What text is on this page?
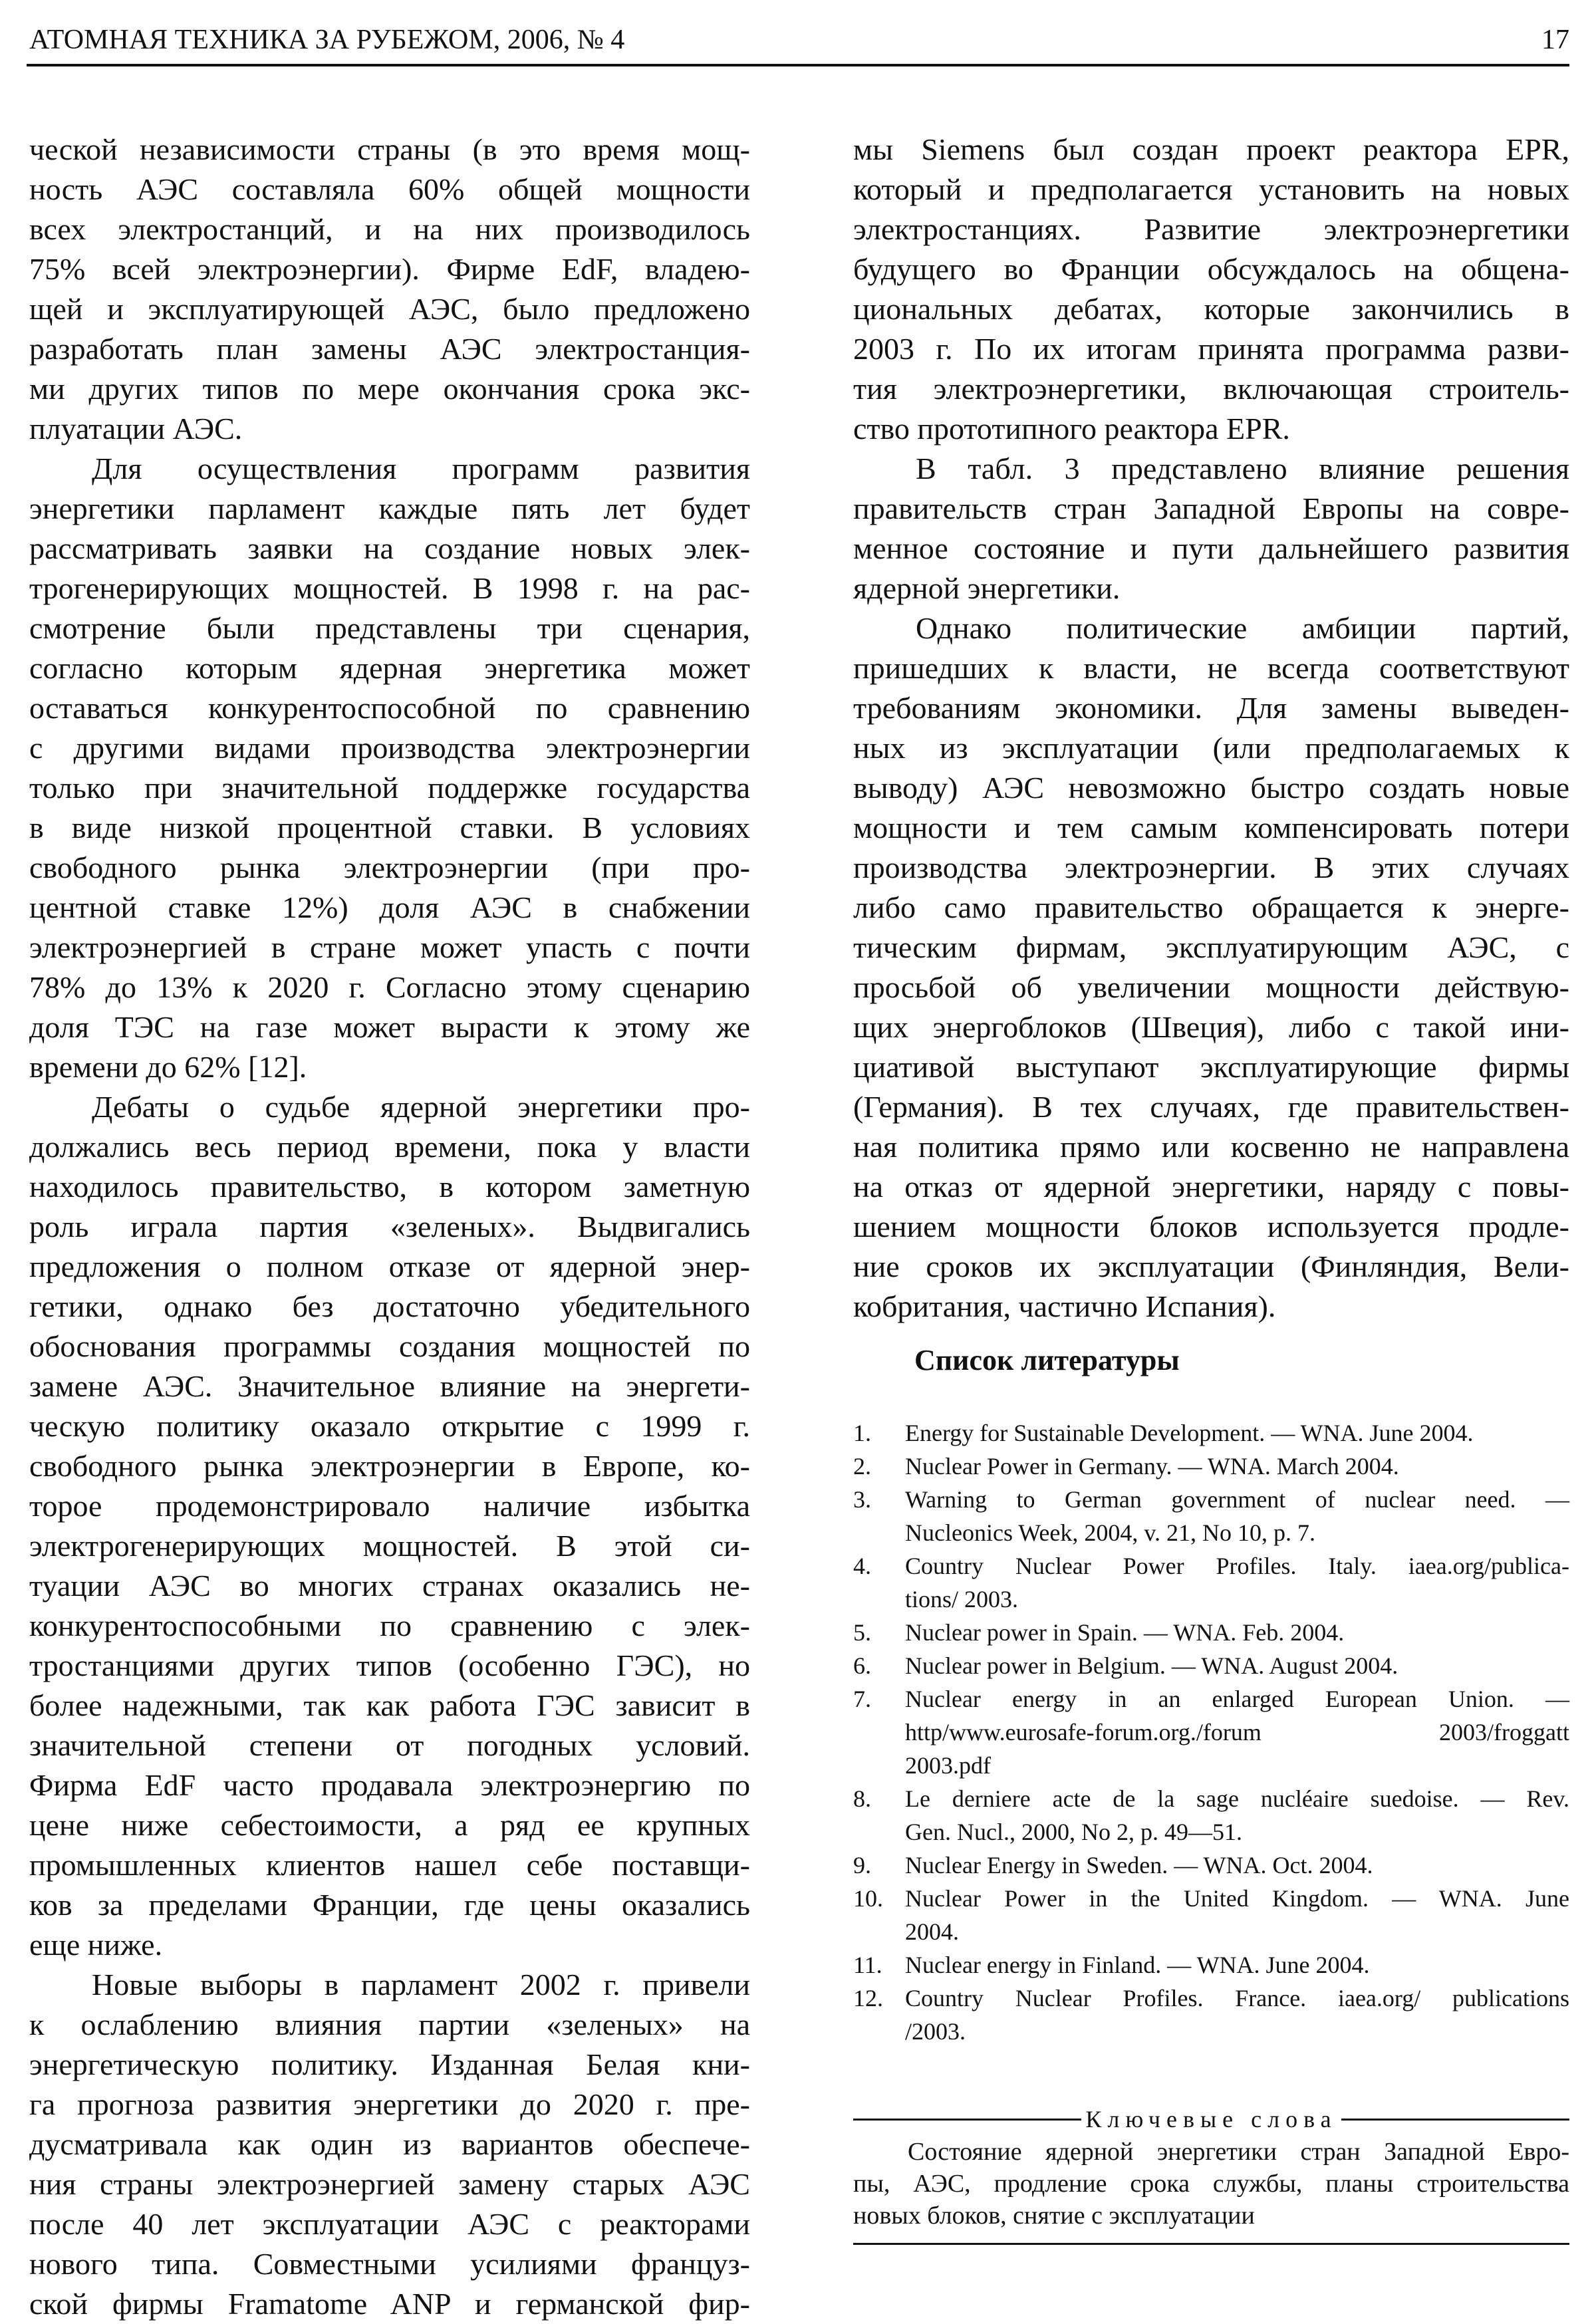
АТОМНАЯ ТЕХНИКА ЗА РУБЕЖОМ, 2006, № 4	17
ческой независимости страны (в это время мощ-
ность АЭС составляла 60% общей мощности
всех электростанций, и на них производилось
75% всей электроэнергии). Фирме EdF, владею-
щей и эксплуатирующей АЭС, было предложено
разработать план замены АЭС электростанция-
ми других типов по мере окончания срока экс-
плуатации АЭС.
Для осуществления программ развития
энергетики парламент каждые пять лет будет
рассматривать заявки на создание новых элек-
трогенерирующих мощностей. В 1998 г. на рас-
смотрение были представлены три сценария,
согласно которым ядерная энергетика может
оставаться конкурентоспособной по сравнению
с другими видами производства электроэнергии
только при значительной поддержке государства
в виде низкой процентной ставки. В условиях
свободного рынка электроэнергии (при про-
центной ставке 12%) доля АЭС в снабжении
электроэнергией в стране может упасть с почти
78% до 13% к 2020 г. Согласно этому сценарию
доля ТЭС на газе может вырасти к этому же
времени до 62% [12].
Дебаты о судьбе ядерной энергетики про-
должались весь период времени, пока у власти
находилось правительство, в котором заметную
роль играла партия «зеленых». Выдвигались
предложения о полном отказе от ядерной энер-
гетики, однако без достаточно убедительного
обоснования программы создания мощностей по
замене АЭС. Значительное влияние на энергети-
ческую политику оказало открытие с 1999 г.
свободного рынка электроэнергии в Европе, ко-
торое продемонстрировало наличие избытка
электрогенерирующих мощностей. В этой си-
туации АЭС во многих странах оказались не-
конкурентоспособными по сравнению с элек-
тростанциями других типов (особенно ГЭС), но
более надежными, так как работа ГЭС зависит в
значительной степени от погодных условий.
Фирма EdF часто продавала электроэнергию по
цене ниже себестоимости, а ряд ее крупных
промышленных клиентов нашел себе поставщи-
ков за пределами Франции, где цены оказались
еще ниже.
Новые выборы в парламент 2002 г. привели
к ослаблению влияния партии «зеленых» на
энергетическую политику. Изданная Белая кни-
га прогноза развития энергетики до 2020 г. пре-
дусматривала как один из вариантов обеспече-
ния страны электроэнергией замену старых АЭС
после 40 лет эксплуатации АЭС с реакторами
нового типа. Совместными усилиями француз-
ской фирмы Framatome ANP и германской фир-
мы Siemens был создан проект реактора EPR,
который и предполагается установить на новых
электростанциях. Развитие электроэнергетики
будущего во Франции обсуждалось на общена-
циональных дебатах, которые закончились в
2003 г. По их итогам принята программа разви-
тия электроэнергетики, включающая строитель-
ство прототипного реактора EPR.
В табл. 3 представлено влияние решения
правительств стран Западной Европы на совре-
менное состояние и пути дальнейшего развития
ядерной энергетики.
Однако политические амбиции партий,
пришедших к власти, не всегда соответствуют
требованиям экономики. Для замены выведен-
ных из эксплуатации (или предполагаемых к
выводу) АЭС невозможно быстро создать новые
мощности и тем самым компенсировать потери
производства электроэнергии. В этих случаях
либо само правительство обращается к энерге-
тическим фирмам, эксплуатирующим АЭС, с
просьбой об увеличении мощности действую-
щих энергоблоков (Швеция), либо с такой ини-
циативой выступают эксплуатирующие фирмы
(Германия). В тех случаях, где правительствен-
ная политика прямо или косвенно не направлена
на отказ от ядерной энергетики, наряду с повы-
шением мощности блоков используется продле-
ние сроков их эксплуатации (Финляндия, Вели-
кобритания, частично Испания).
Список литературы
1.	Energy for Sustainable Development. — WNA. June 2004.
2.	Nuclear Power in Germany. — WNA. March 2004.
3.	Warning to German government of nuclear need. —
Nucleonics Week, 2004, v. 21, No 10, p. 7.
4.	Country Nuclear Power Profiles. Italy. iaea.org/publica-
tions/ 2003.
5.	Nuclear power in Spain. — WNA. Feb. 2004.
6.	Nuclear power in Belgium. — WNA. August 2004.
7.	Nuclear energy in an enlarged European Union. —
http/www.eurosafe-forum.org./forum 2003/froggatt
2003.pdf
8.	Le derniere acte de la sage nucléaire suedoise. — Rev.
Gen. Nucl., 2000, No 2, p. 49—51.
9.	Nuclear Energy in Sweden. — WNA. Oct. 2004.
10. Nuclear Power in the United Kingdom. — WNA. June
2004.
11. Nuclear energy in Finland. — WNA. June 2004.
12. Country Nuclear Profiles. France. iaea.org/ publications
/2003.
Ключевые слова
Состояние ядерной энергетики стран Западной Евро-
пы, АЭС, продление срока службы, планы строительства
новых блоков, снятие с эксплуатации
